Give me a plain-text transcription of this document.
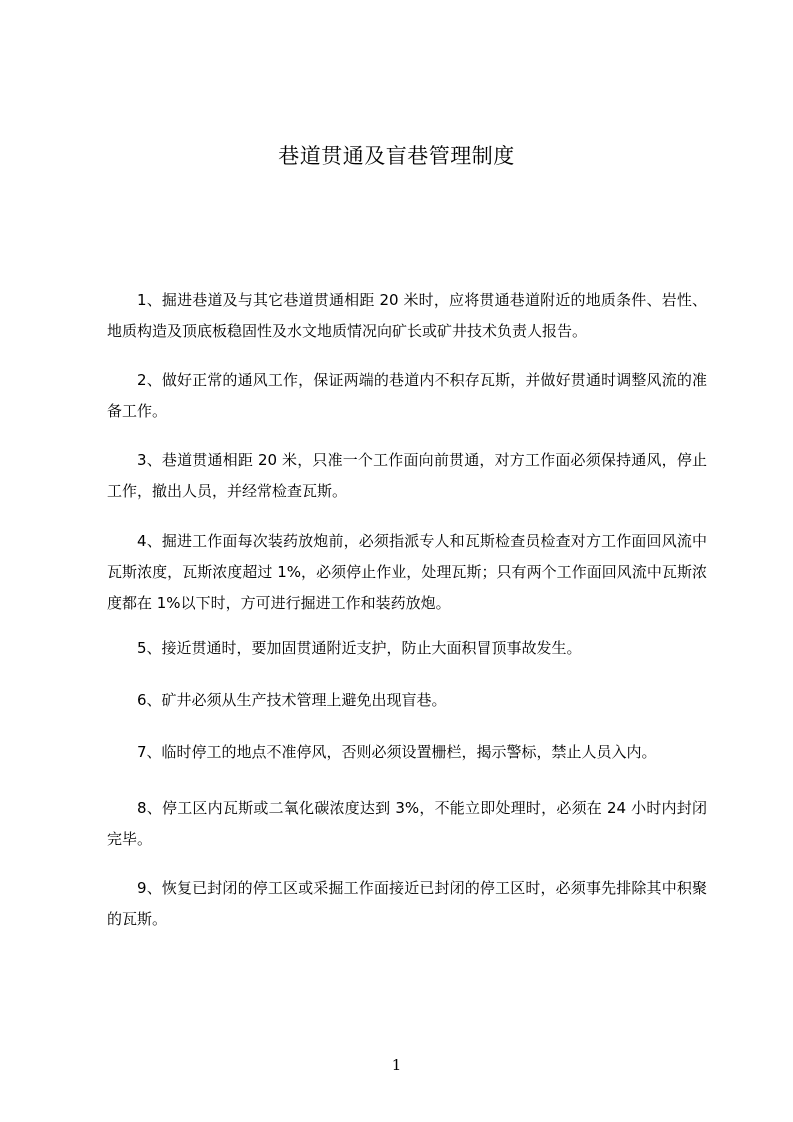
巷道贯通及盲巷管理制度

1、掘进巷道及与其它巷道贯通相距 20 米时，应将贯通巷道附近的地质条件、岩性、地质构造及顶底板稳固性及水文地质情况向矿长或矿井技术负责人报告。

2、做好正常的通风工作，保证两端的巷道内不积存瓦斯，并做好贯通时调整风流的准备工作。

3、巷道贯通相距 20 米，只准一个工作面向前贯通，对方工作面必须保持通风，停止工作，撤出人员，并经常检查瓦斯。

4、掘进工作面每次装药放炮前，必须指派专人和瓦斯检查员检查对方工作面回风流中瓦斯浓度，瓦斯浓度超过 1%，必须停止作业，处理瓦斯；只有两个工作面回风流中瓦斯浓度都在 1%以下时，方可进行掘进工作和装药放炮。

5、接近贯通时，要加固贯通附近支护，防止大面积冒顶事故发生。

6、矿井必须从生产技术管理上避免出现盲巷。

7、临时停工的地点不准停风，否则必须设置栅栏，揭示警标，禁止人员入内。

8、停工区内瓦斯或二氧化碳浓度达到 3%，不能立即处理时，必须在 24 小时内封闭完毕。

9、恢复已封闭的停工区或采掘工作面接近已封闭的停工区时，必须事先排除其中积聚的瓦斯。

1
